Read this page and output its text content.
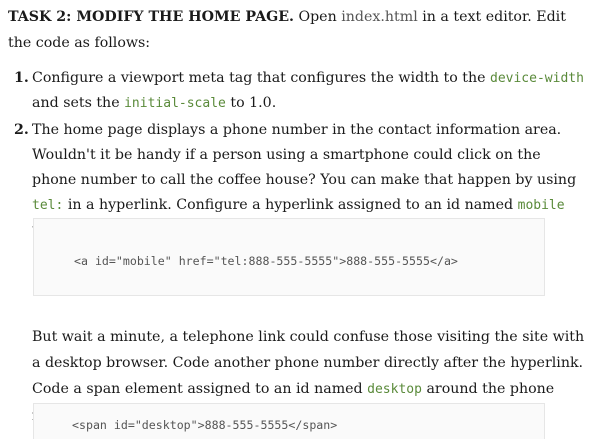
TASK 2: MODIFY THE HOME PAGE. Open index.html in a text editor. Edit the code as follows:
1. Configure a viewport meta tag that configures the width to the device-width and sets the initial-scale to 1.0.
2. The home page displays a phone number in the contact information area. Wouldn't it be handy if a person using a smartphone could click on the phone number to call the coffee house? You can make that happen by using tel: in a hyperlink. Configure a hyperlink assigned to an id named mobile
<a id="mobile" href="tel:888-555-5555">888-555-5555</a>
But wait a minute, a telephone link could confuse those visiting the site with a desktop browser. Code another phone number directly after the hyperlink. Code a span element assigned to an id named desktop around the phone
<span id="desktop">888-555-5555</span>
